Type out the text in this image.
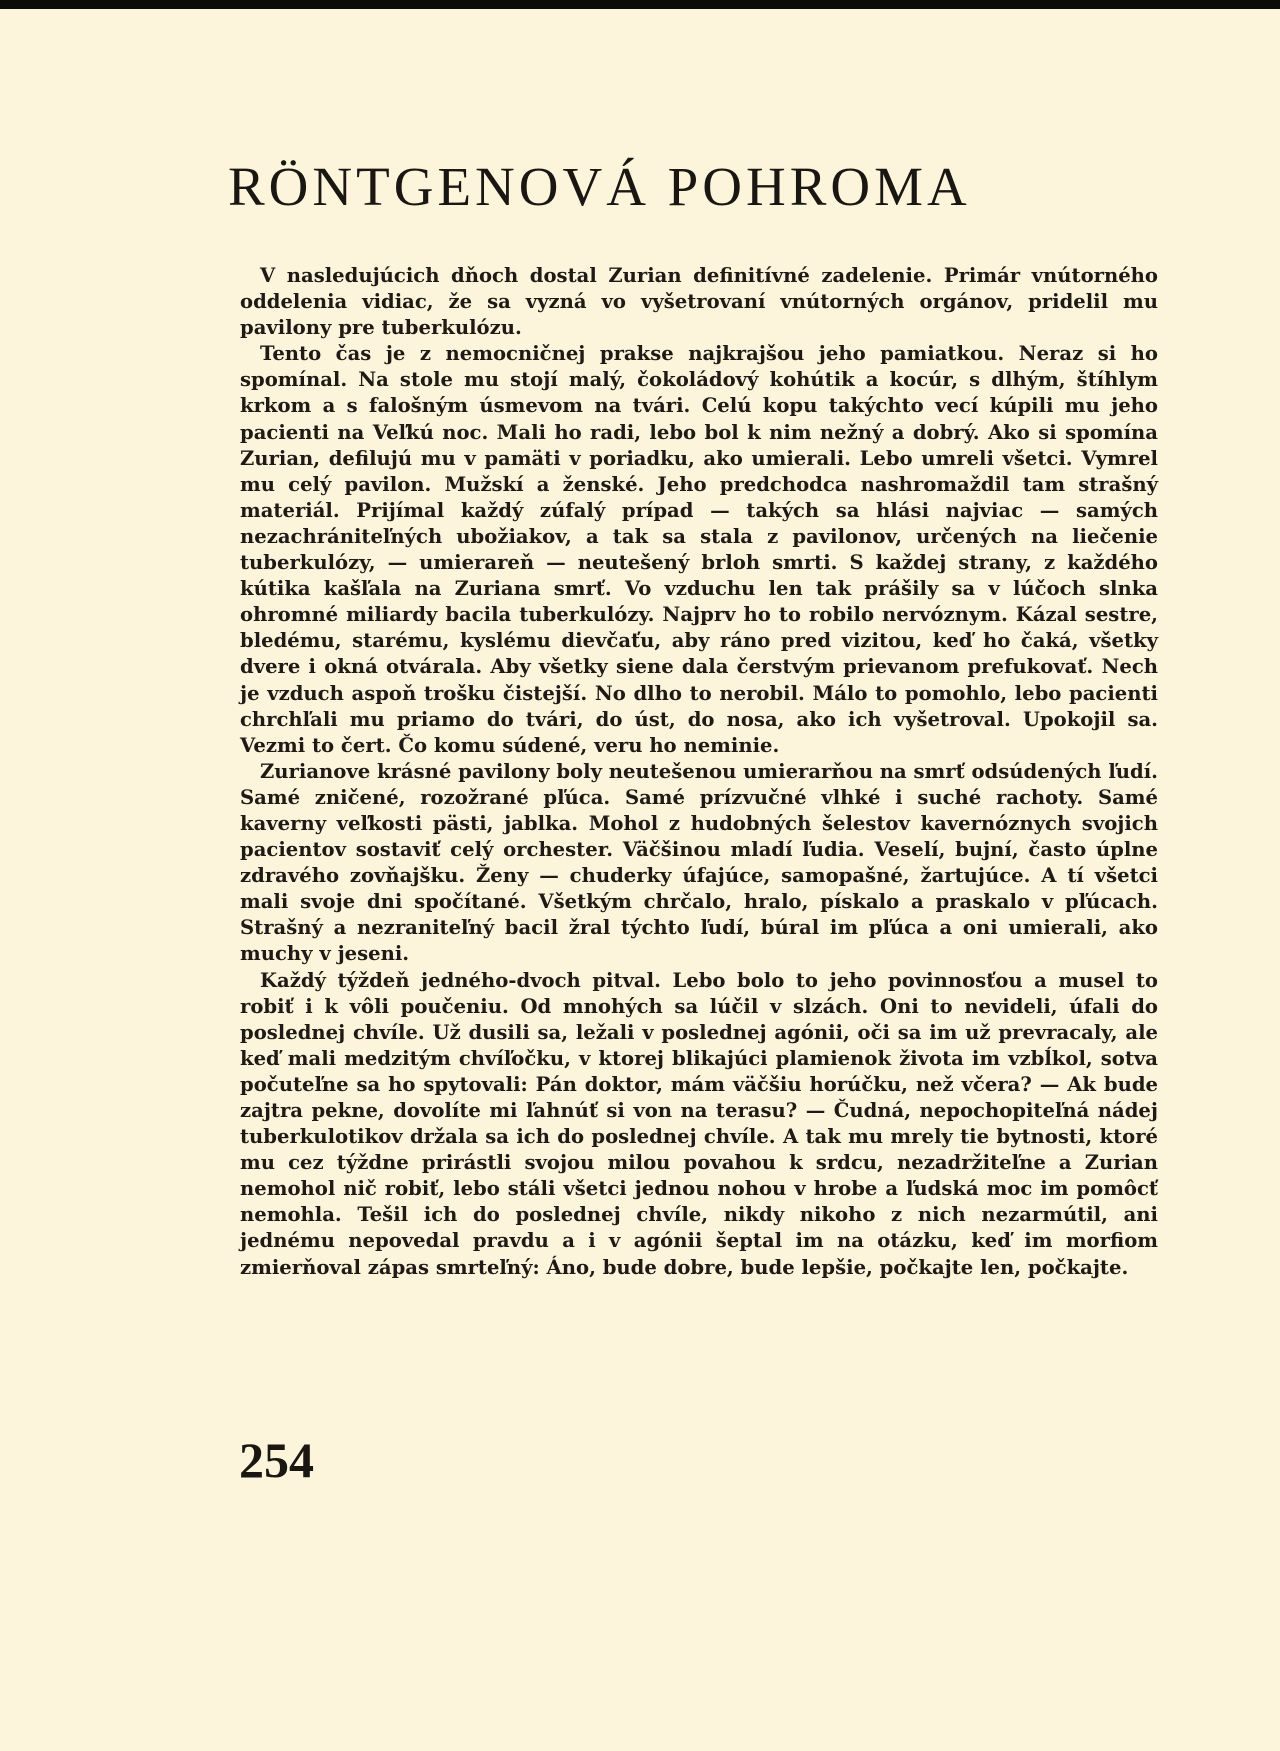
RÖNTGENOVÁ POHROMA

V nasledujúcich dňoch dostal Zurian definitívné zadelenie. Primár vnútorného oddelenia vidiac, že sa vyzná vo vyšetrovaní vnútorných orgánov, pridelil mu pavilony pre tuberkulózu.

Tento čas je z nemocničnej prakse najkrajšou jeho pamiatkou. Neraz si ho spomínal. Na stole mu stojí malý, čokoládový kohútik a kocúr, s dlhým, štíhlym krkom a s falošným úsmevom na tvári. Celú kopu takýchto vecí kúpili mu jeho pacienti na Veľkú noc. Mali ho radi, lebo bol k nim nežný a dobrý. Ako si spomína Zurian, defilujú mu v pamäti v poriadku, ako umierali. Lebo umreli všetci. Vymrel mu celý pavilon. Mužskí a ženské. Jeho predchodca nashromaždil tam strašný materiál. Prijímal každý zúfalý prípad — takých sa hlási najviac — samých nezachrániteľných ubožiakov, a tak sa stala z pavilonov, určených na liečenie tuberkulózy, — umierareň — neutešený brloh smrti. S každej strany, z každého kútika kašľala na Zuriana smrť. Vo vzduchu len tak prášily sa v lúčoch slnka ohromné miliardy bacila tuberkulózy. Najprv ho to robilo nervóznym. Kázal sestre, bledému, starému, kyslému dievčaťu, aby ráno pred vizitou, keď ho čaká, všetky dvere i okná otvárala. Aby všetky siene dala čerstvým prievanom prefukovať. Nech je vzduch aspoň trošku čistejší. No dlho to nerobil. Málo to pomohlo, lebo pacienti chrchľali mu priamo do tvári, do úst, do nosa, ako ich vyšetroval. Upokojil sa. Vezmi to čert. Čo komu súdené, veru ho neminie.

Zurianove krásné pavilony boly neutešenou umierarňou na smrť odsúdených ľudí. Samé zničené, rozožrané pľúca. Samé prízvučné vlhké i suché rachoty. Samé kaverny veľkosti pästi, jablka. Mohol z hudobných šelestov kavernóznych svojich pacientov sostaviť celý orchester. Väčšinou mladí ľudia. Veselí, bujní, často úplne zdravého zovňajšku. Ženy — chuderky úfajúce, samopašné, žartujúce. A tí všetci mali svoje dni spočítané. Všetkým chrčalo, hralo, pískalo a praskalo v pľúcach. Strašný a nezraniteľný bacil žral týchto ľudí, búral im pľúca a oni umierali, ako muchy v jeseni.

Každý týždeň jedného-dvoch pitval. Lebo bolo to jeho povinnosťou a musel to robiť i k vôli poučeniu. Od mnohých sa lúčil v slzách. Oni to nevideli, úfali do poslednej chvíle. Už dusili sa, ležali v poslednej agónii, oči sa im už prevracaly, ale keď mali medzitým chvíľočku, v ktorej blikajúci plamienok života im vzbĺkol, sotva počuteľne sa ho spytovali: Pán doktor, mám väčšiu horúčku, než včera? — Ak bude zajtra pekne, dovolíte mi ľahnúť si von na terasu? — Čudná, nepochopiteľná nádej tuberkulotikov držala sa ich do poslednej chvíle. A tak mu mrely tie bytnosti, ktoré mu cez týždne prirástli svojou milou povahou k srdcu, nezadržiteľne a Zurian nemohol nič robiť, lebo stáli všetci jednou nohou v hrobe a ľudská moc im pomôcť nemohla. Tešil ich do poslednej chvíle, nikdy nikoho z nich nezarmútil, ani jednému nepovedal pravdu a i v agónii šeptal im na otázku, keď im morfiom zmierňoval zápas smrteľný: Áno, bude dobre, bude lepšie, počkajte len, počkajte.

254
